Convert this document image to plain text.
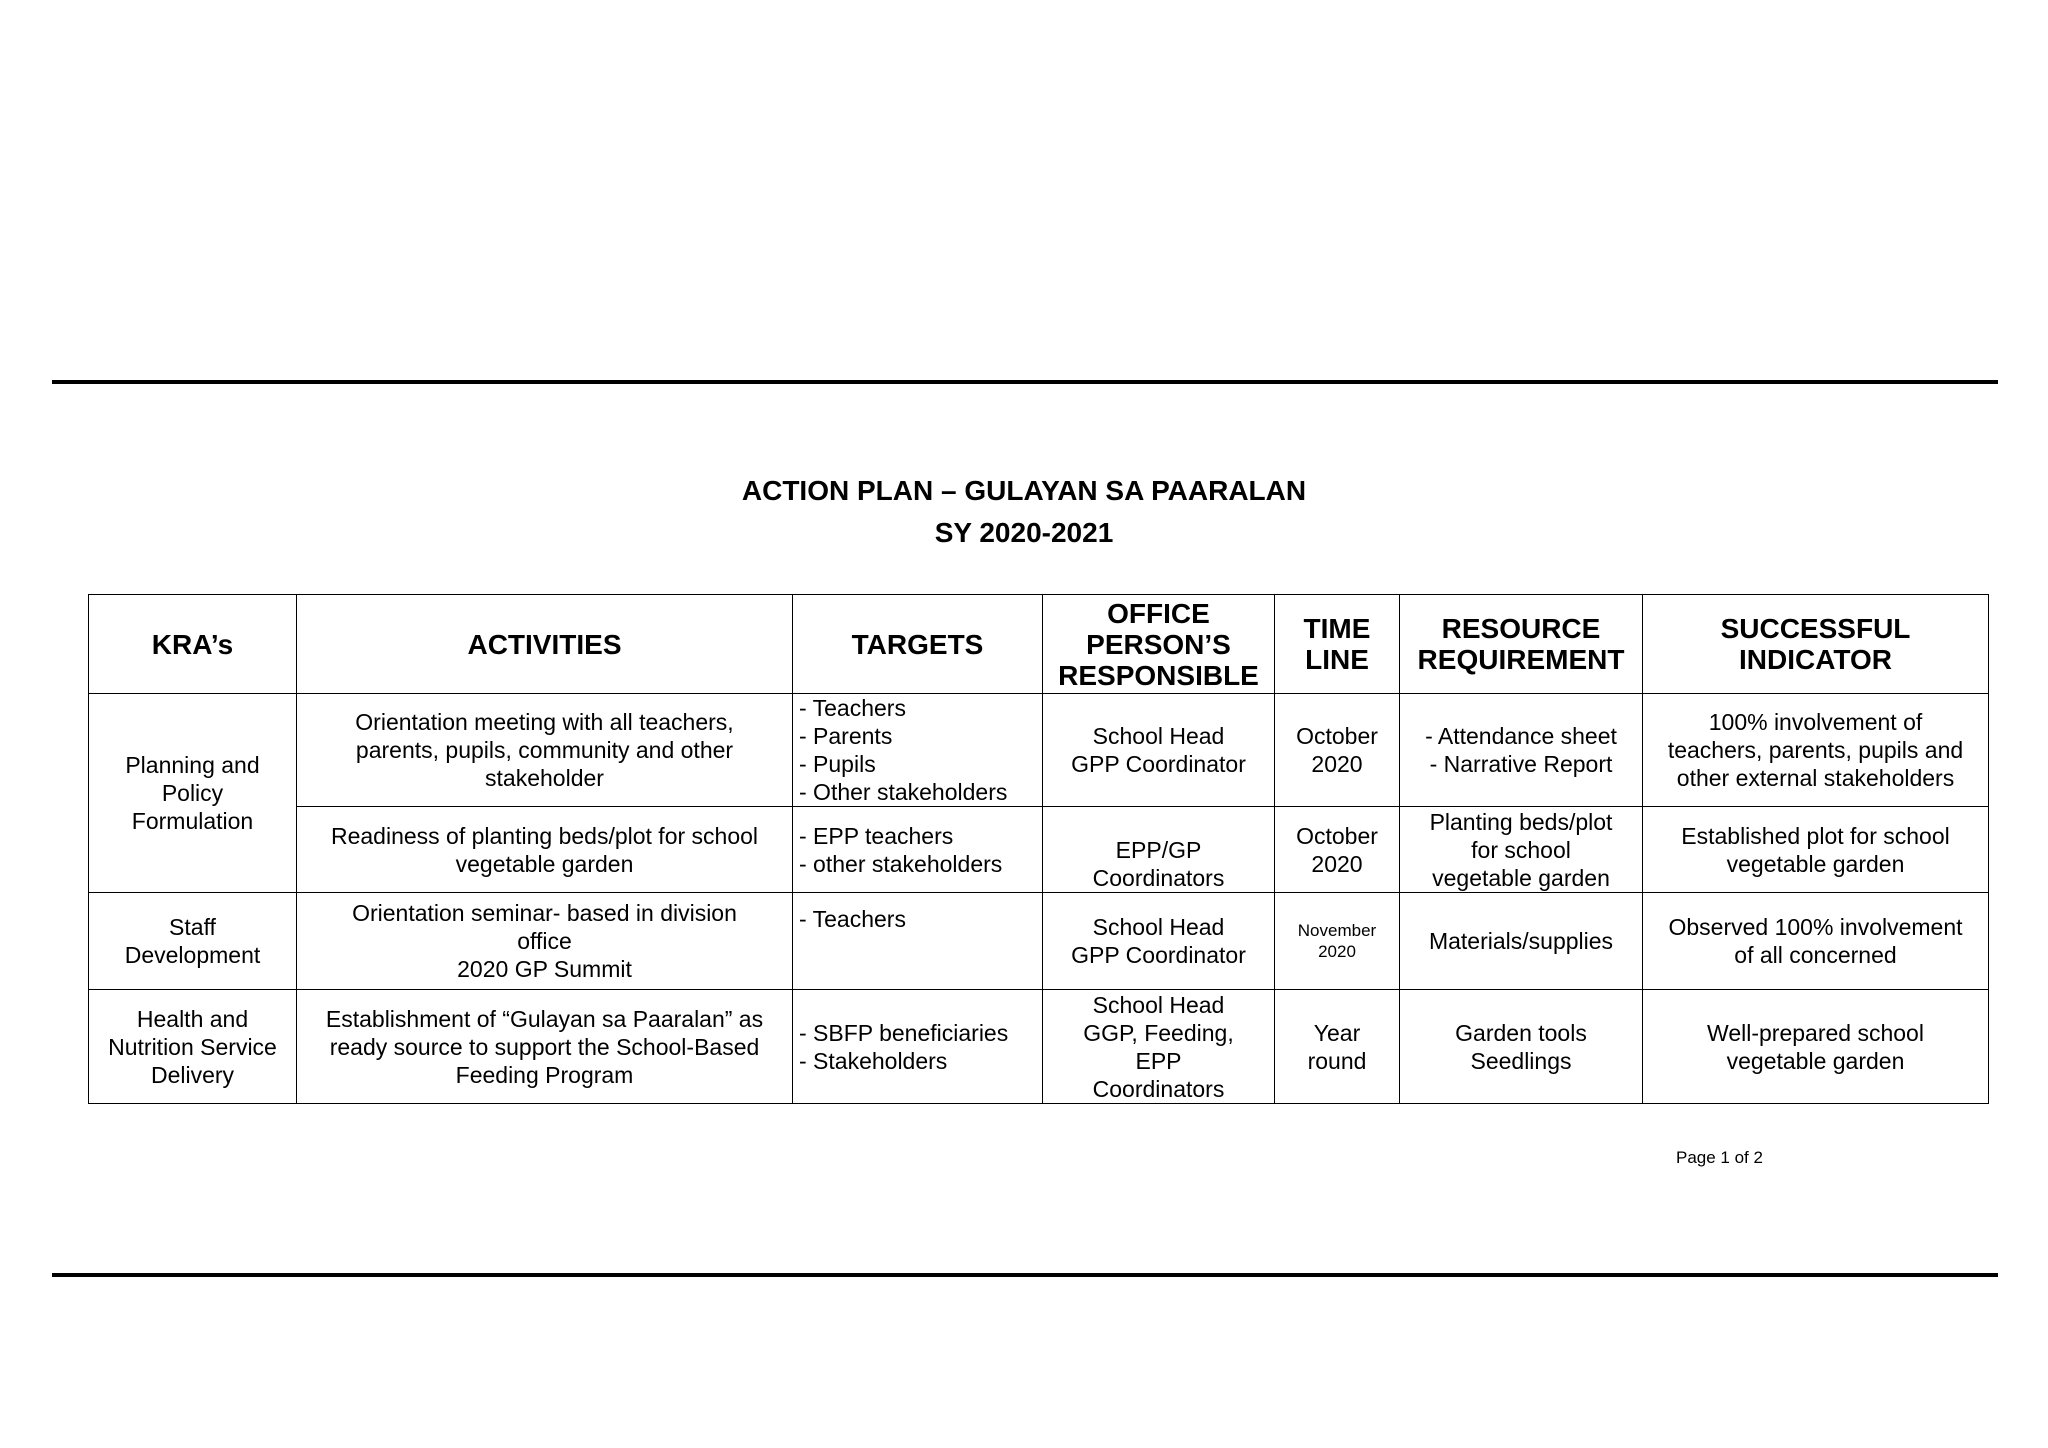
ACTION PLAN – GULAYAN SA PAARALAN
SY 2020-2021
KRA’s	ACTIVITIES	TARGETS	OFFICE
PERSON’S
RESPONSIBLE	TIME
LINE	RESOURCE
REQUIREMENT	SUCCESSFUL
INDICATOR

Planning and
Policy
Formulation	Orientation meeting with all teachers,
parents, pupils, community and other
stakeholder	- Teachers
- Parents
- Pupils
- Other stakeholders	School Head
GPP Coordinator	October
2020	- Attendance sheet
- Narrative Report	100% involvement of
teachers, parents, pupils and
other external stakeholders

	Readiness of planting beds/plot for school
vegetable garden	- EPP teachers
- other stakeholders	EPP/GP
Coordinators	October
2020	Planting beds/plot
for school
vegetable garden	Established plot for school
vegetable garden

Staff
Development	Orientation seminar- based in division
office
2020 GP Summit	- Teachers	School Head
GPP Coordinator	November
2020	Materials/supplies	Observed 100% involvement
of all concerned

Health and
Nutrition Service
Delivery	Establishment of “Gulayan sa Paaralan” as
ready source to support the School-Based
Feeding Program	- SBFP beneficiaries
- Stakeholders	School Head
GGP, Feeding,
EPP
Coordinators	Year
round	Garden tools
Seedlings	Well-prepared school
vegetable garden
Page 1 of 2
